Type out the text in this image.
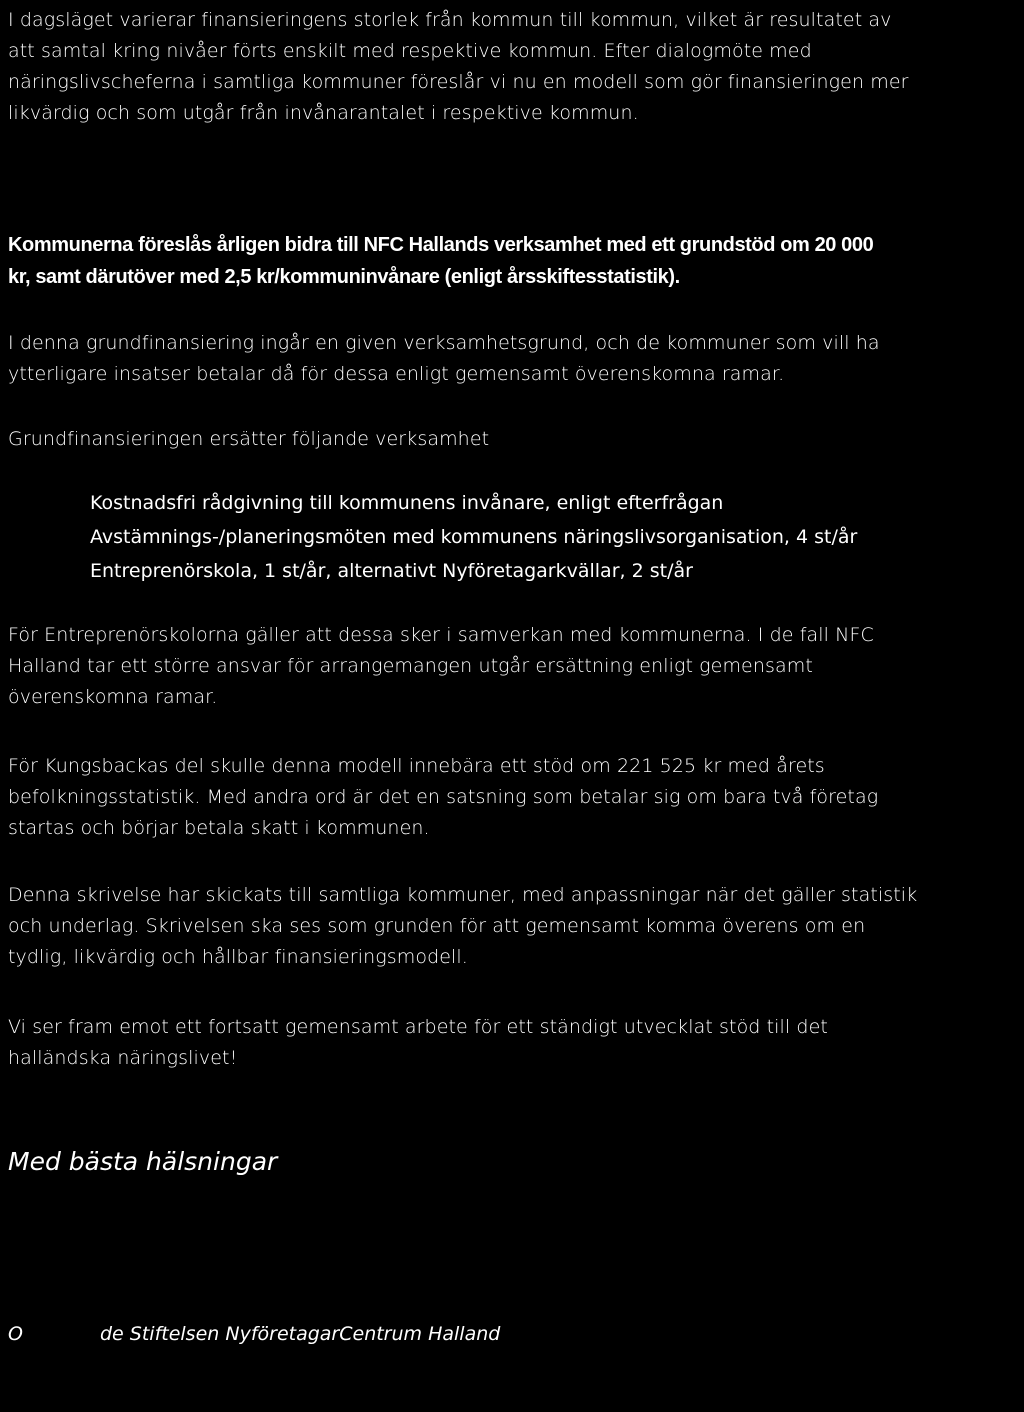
I dagsläget varierar finansieringens storlek från kommun till kommun, vilket är resultatet av
att samtal kring nivåer förts enskilt med respektive kommun. Efter dialogmöte med
näringslivscheferna i samtliga kommuner föreslår vi nu en modell som gör finansieringen mer
likvärdig och som utgår från invånarantalet i respektive kommun.

Kommunerna föreslås årligen bidra till NFC Hallands verksamhet med ett grundstöd om 20 000
kr, samt därutöver med 2,5 kr/kommuninvånare (enligt årsskiftesstatistik).

I denna grundfinansiering ingår en given verksamhetsgrund, och de kommuner som vill ha
ytterligare insatser betalar då för dessa enligt gemensamt överenskomna ramar.

Grundfinansieringen ersätter följande verksamhet

Kostnadsfri rådgivning till kommunens invånare, enligt efterfrågan
Avstämnings-/planeringsmöten med kommunens näringslivsorganisation, 4 st/år
Entreprenörskola, 1 st/år, alternativt Nyföretagarkvällar, 2 st/år

För Entreprenörskolorna gäller att dessa sker i samverkan med kommunerna. I de fall NFC
Halland tar ett större ansvar för arrangemangen utgår ersättning enligt gemensamt
överenskomna ramar.

För Kungsbackas del skulle denna modell innebära ett stöd om 221 525 kr med årets
befolkningsstatistik. Med andra ord är det en satsning som betalar sig om bara två företag
startas och börjar betala skatt i kommunen.

Denna skrivelse har skickats till samtliga kommuner, med anpassningar när det gäller statistik
och underlag. Skrivelsen ska ses som grunden för att gemensamt komma överens om en
tydlig, likvärdig och hållbar finansieringsmodell.

Vi ser fram emot ett fortsatt gemensamt arbete för ett ständigt utvecklat stöd till det
halländska näringslivet!

Med bästa hälsningar

O	de Stiftelsen NyföretagarCentrum Halland
